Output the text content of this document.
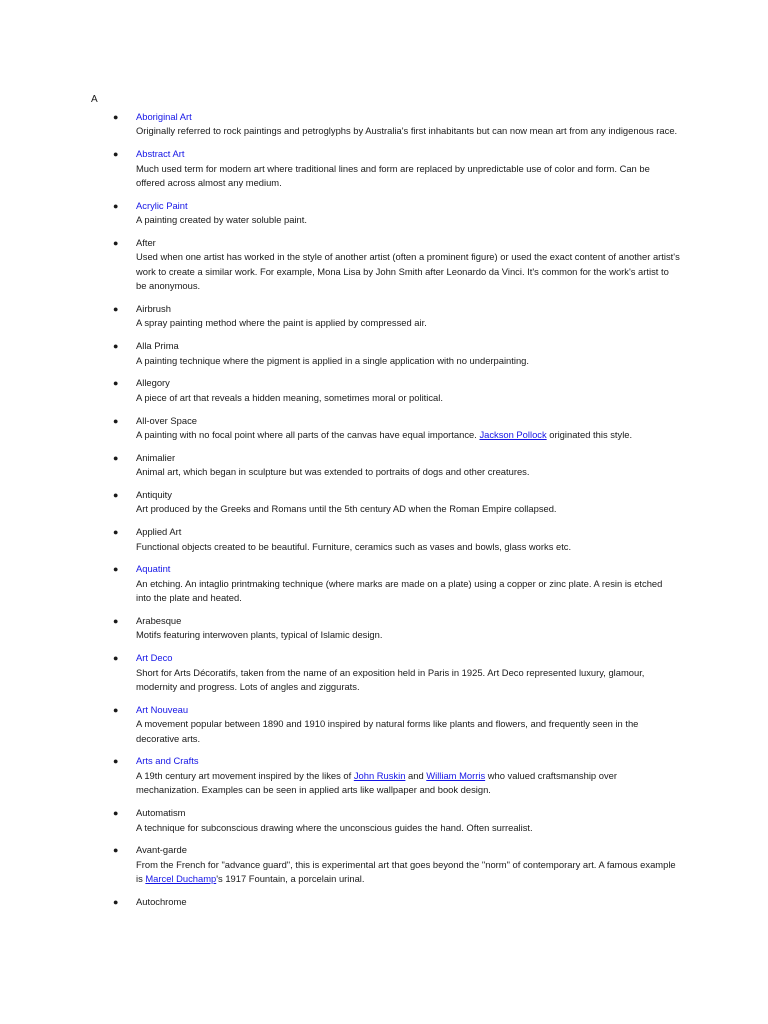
A
● Aboriginal Art
Originally referred to rock paintings and petroglyphs by Australia's first inhabitants but can now mean art from any indigenous race.
● Abstract Art
Much used term for modern art where traditional lines and form are replaced by unpredictable use of color and form. Can be offered across almost any medium.
● Acrylic Paint
A painting created by water soluble paint.
● After
Used when one artist has worked in the style of another artist (often a prominent figure) or used the exact content of another artist's work to create a similar work. For example, Mona Lisa by John Smith after Leonardo da Vinci. It's common for the work's artist to be anonymous.
● Airbrush
A spray painting method where the paint is applied by compressed air.
● Alla Prima
A painting technique where the pigment is applied in a single application with no underpainting.
● Allegory
A piece of art that reveals a hidden meaning, sometimes moral or political.
● All-over Space
A painting with no focal point where all parts of the canvas have equal importance. Jackson Pollock originated this style.
● Animalier
Animal art, which began in sculpture but was extended to portraits of dogs and other creatures.
● Antiquity
Art produced by the Greeks and Romans until the 5th century AD when the Roman Empire collapsed.
● Applied Art
Functional objects created to be beautiful. Furniture, ceramics such as vases and bowls, glass works etc.
● Aquatint
An etching. An intaglio printmaking technique (where marks are made on a plate) using a copper or zinc plate. A resin is etched into the plate and heated.
● Arabesque
Motifs featuring interwoven plants, typical of Islamic design.
● Art Deco
Short for Arts Décoratifs, taken from the name of an exposition held in Paris in 1925. Art Deco represented luxury, glamour, modernity and progress. Lots of angles and ziggurats.
● Art Nouveau
A movement popular between 1890 and 1910 inspired by natural forms like plants and flowers, and frequently seen in the decorative arts.
● Arts and Crafts
A 19th century art movement inspired by the likes of John Ruskin and William Morris who valued craftsmanship over mechanization. Examples can be seen in applied arts like wallpaper and book design.
● Automatism
A technique for subconscious drawing where the unconscious guides the hand. Often surrealist.
● Avant-garde
From the French for "advance guard", this is experimental art that goes beyond the "norm" of contemporary art. A famous example is Marcel Duchamp's 1917 Fountain, a porcelain urinal.
● Autochrome
